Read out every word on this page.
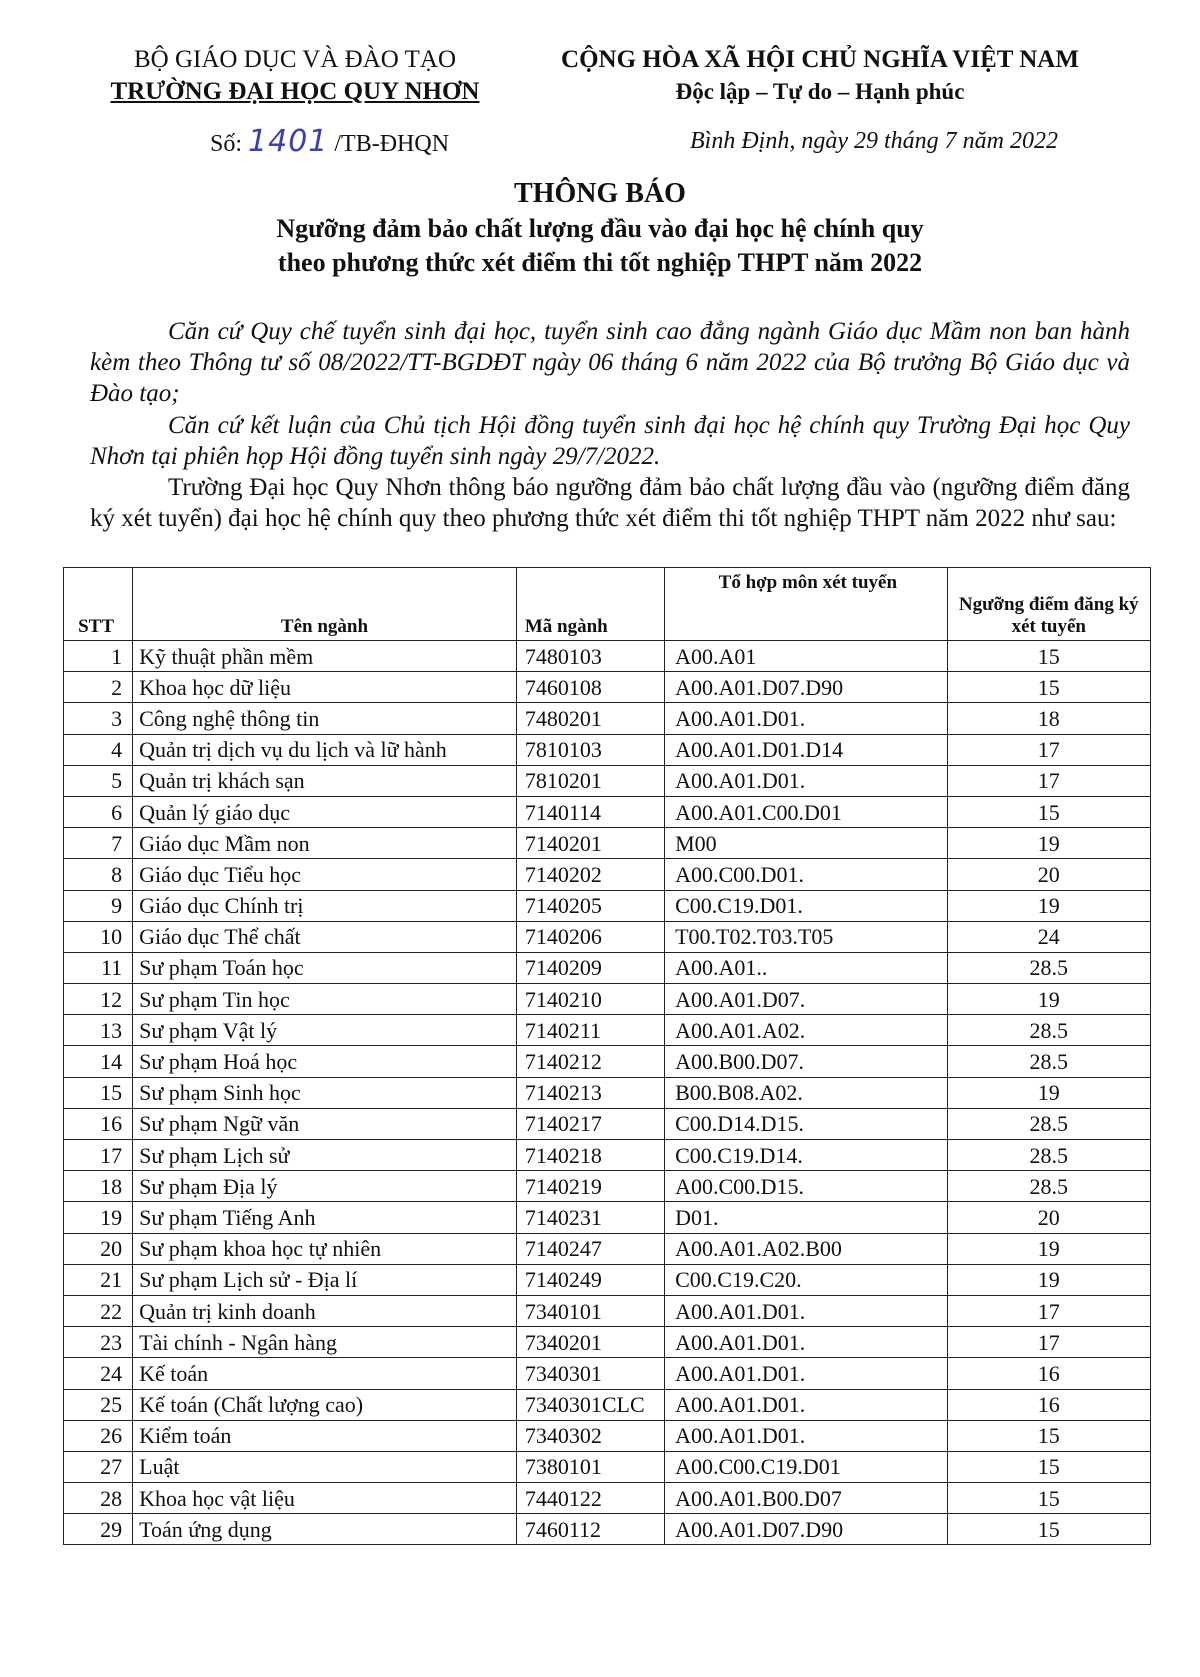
BỘ GIÁO DỤC VÀ ĐÀO TẠO
TRƯỜNG ĐẠI HỌC QUY NHƠN
CỘNG HÒA XÃ HỘI CHỦ NGHĨA VIỆT NAM
Độc lập – Tự do – Hạnh phúc
Số: 1401 /TB-ĐHQN	Bình Định, ngày 29 tháng 7 năm 2022
THÔNG BÁO
Ngưỡng đảm bảo chất lượng đầu vào đại học hệ chính quy
theo phương thức xét điểm thi tốt nghiệp THPT năm 2022
Căn cứ Quy chế tuyển sinh đại học, tuyển sinh cao đẳng ngành Giáo dục Mầm non ban hành kèm theo Thông tư số 08/2022/TT-BGDĐT ngày 06 tháng 6 năm 2022 của Bộ trưởng Bộ Giáo dục và Đào tạo;
Căn cứ kết luận của Chủ tịch Hội đồng tuyển sinh đại học hệ chính quy Trường Đại học Quy Nhơn tại phiên họp Hội đồng tuyển sinh ngày 29/7/2022.
Trường Đại học Quy Nhơn thông báo ngưỡng đảm bảo chất lượng đầu vào (ngưỡng điểm đăng ký xét tuyển) đại học hệ chính quy theo phương thức xét điểm thi tốt nghiệp THPT năm 2022 như sau:
STT	Tên ngành	Mã ngành	Tổ hợp môn xét tuyển	Ngưỡng điểm đăng ký xét tuyển
1	Kỹ thuật phần mềm	7480103	A00.A01	15
2	Khoa học dữ liệu	7460108	A00.A01.D07.D90	15
3	Công nghệ thông tin	7480201	A00.A01.D01.	18
4	Quản trị dịch vụ du lịch và lữ hành	7810103	A00.A01.D01.D14	17
5	Quản trị khách sạn	7810201	A00.A01.D01.	17
6	Quản lý giáo dục	7140114	A00.A01.C00.D01	15
7	Giáo dục Mầm non	7140201	M00	19
8	Giáo dục Tiểu học	7140202	A00.C00.D01.	20
9	Giáo dục Chính trị	7140205	C00.C19.D01.	19
10	Giáo dục Thể chất	7140206	T00.T02.T03.T05	24
11	Sư phạm Toán học	7140209	A00.A01..	28.5
12	Sư phạm Tin học	7140210	A00.A01.D07.	19
13	Sư phạm Vật lý	7140211	A00.A01.A02.	28.5
14	Sư phạm Hoá học	7140212	A00.B00.D07.	28.5
15	Sư phạm Sinh học	7140213	B00.B08.A02.	19
16	Sư phạm Ngữ văn	7140217	C00.D14.D15.	28.5
17	Sư phạm Lịch sử	7140218	C00.C19.D14.	28.5
18	Sư phạm Địa lý	7140219	A00.C00.D15.	28.5
19	Sư phạm Tiếng Anh	7140231	D01.	20
20	Sư phạm khoa học tự nhiên	7140247	A00.A01.A02.B00	19
21	Sư phạm Lịch sử - Địa lí	7140249	C00.C19.C20.	19
22	Quản trị kinh doanh	7340101	A00.A01.D01.	17
23	Tài chính - Ngân hàng	7340201	A00.A01.D01.	17
24	Kế toán	7340301	A00.A01.D01.	16
25	Kế toán (Chất lượng cao)	7340301CLC	A00.A01.D01.	16
26	Kiểm toán	7340302	A00.A01.D01.	15
27	Luật	7380101	A00.C00.C19.D01	15
28	Khoa học vật liệu	7440122	A00.A01.B00.D07	15
29	Toán ứng dụng	7460112	A00.A01.D07.D90	15
